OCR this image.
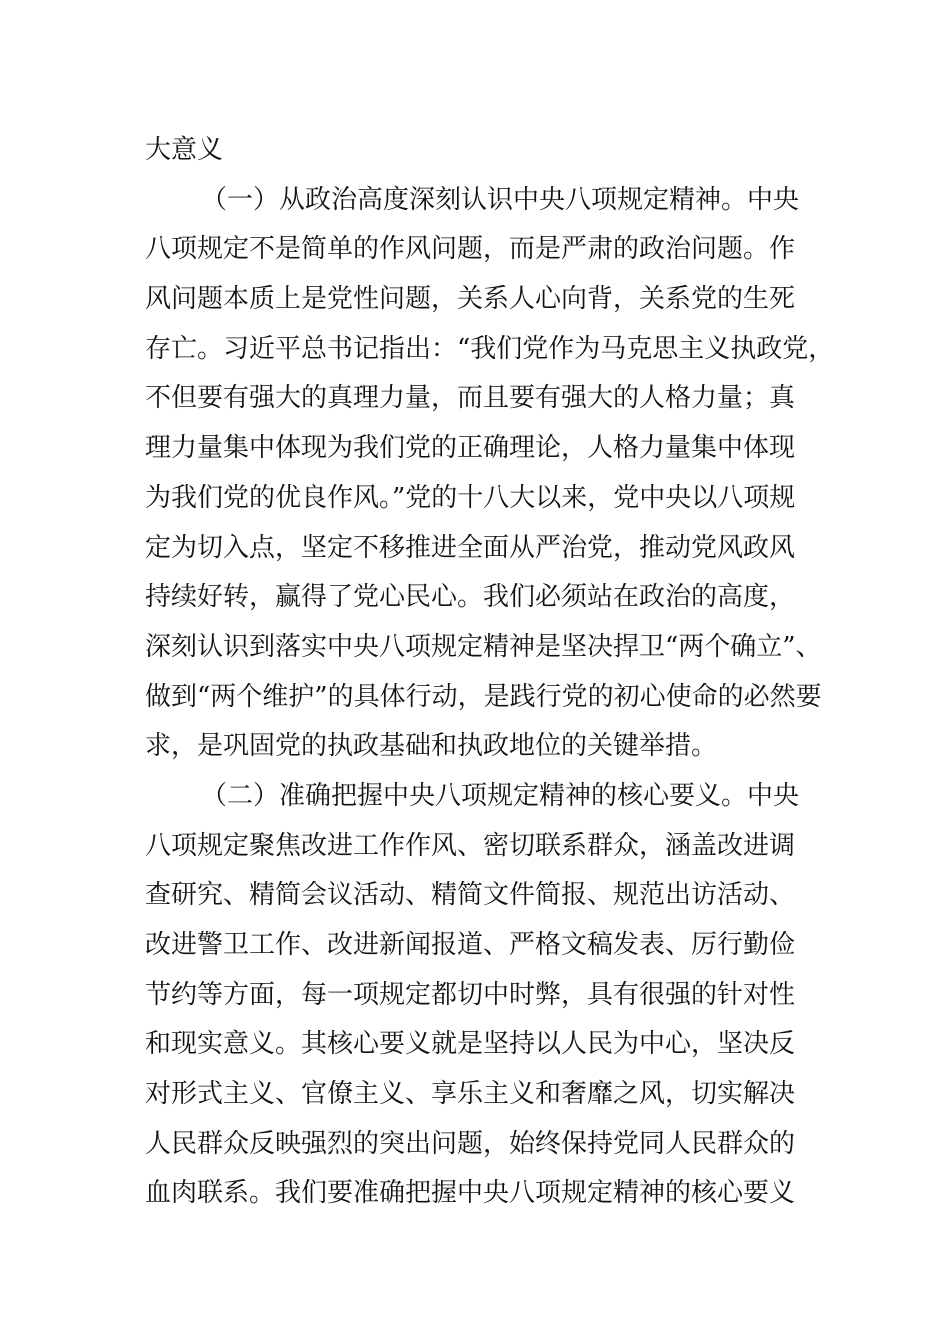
大意义
（一）从政治高度深刻认识中央八项规定精神。中央
八项规定不是简单的作风问题，而是严肃的政治问题。作
风问题本质上是党性问题，关系人心向背，关系党的生死
存亡。习近平总书记指出：“我们党作为马克思主义执政党，
不但要有强大的真理力量，而且要有强大的人格力量；真
理力量集中体现为我们党的正确理论，人格力量集中体现
为我们党的优良作风。”党的十八大以来，党中央以八项规
定为切入点，坚定不移推进全面从严治党，推动党风政风
持续好转，赢得了党心民心。我们必须站在政治的高度，
深刻认识到落实中央八项规定精神是坚决捍卫“两个确立”、
做到“两个维护”的具体行动，是践行党的初心使命的必然要
求，是巩固党的执政基础和执政地位的关键举措。
（二）准确把握中央八项规定精神的核心要义。中央
八项规定聚焦改进工作作风、密切联系群众，涵盖改进调
查研究、精简会议活动、精简文件简报、规范出访活动、
改进警卫工作、改进新闻报道、严格文稿发表、厉行勤俭
节约等方面，每一项规定都切中时弊，具有很强的针对性
和现实意义。其核心要义就是坚持以人民为中心，坚决反
对形式主义、官僚主义、享乐主义和奢靡之风，切实解决
人民群众反映强烈的突出问题，始终保持党同人民群众的
血肉联系。我们要准确把握中央八项规定精神的核心要义
